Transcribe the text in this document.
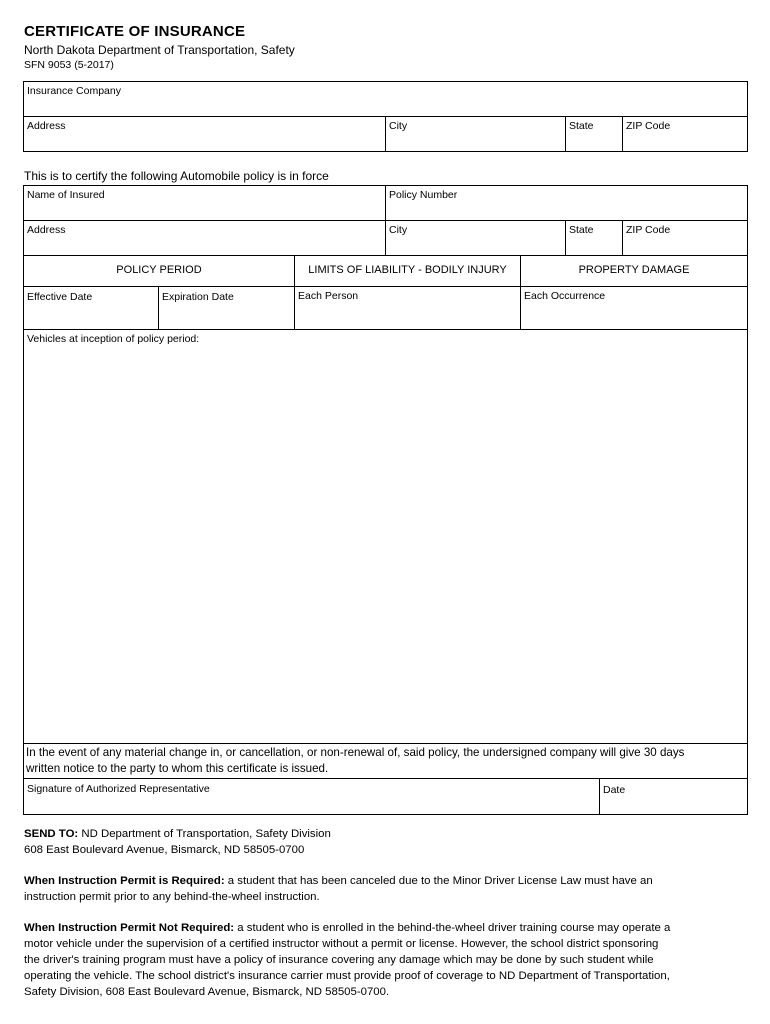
CERTIFICATE OF INSURANCE
North Dakota Department of Transportation, Safety
SFN 9053 (5-2017)
Insurance Company
Address	City	State	ZIP Code
This is to certify the following Automobile policy is in force
Name of Insured	Policy Number
Address	City	State	ZIP Code
POLICY PERIOD	LIMITS OF LIABILITY - BODILY INJURY	PROPERTY DAMAGE
Effective Date	Expiration Date	Each Person	Each Occurrence
Vehicles at inception of policy period:
In the event of any material change in, or cancellation, or non-renewal of, said policy, the undersigned company will give 30 days
written notice to the party to whom this certificate is issued.
Signature of Authorized Representative	Date
SEND TO: ND Department of Transportation, Safety Division
608 East Boulevard Avenue, Bismarck, ND 58505-0700
When Instruction Permit is Required: a student that has been canceled due to the Minor Driver License Law must have an
instruction permit prior to any behind-the-wheel instruction.
When Instruction Permit Not Required: a student who is enrolled in the behind-the-wheel driver training course may operate a
motor vehicle under the supervision of a certified instructor without a permit or license. However, the school district sponsoring
the driver's training program must have a policy of insurance covering any damage which may be done by such student while
operating the vehicle. The school district's insurance carrier must provide proof of coverage to ND Department of Transportation,
Safety Division, 608 East Boulevard Avenue, Bismarck, ND 58505-0700.
